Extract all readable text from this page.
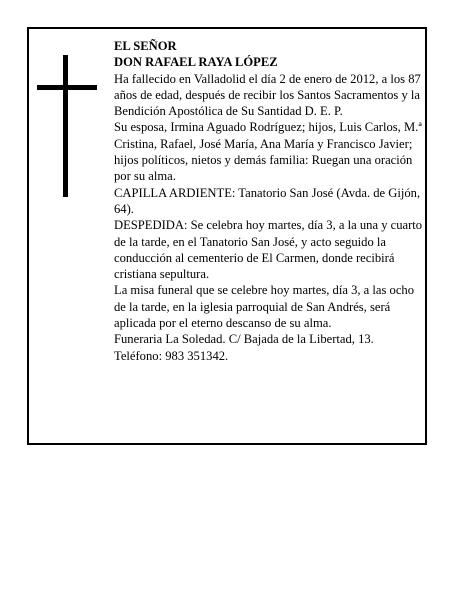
EL SEÑOR

DON RAFAEL RAYA LÓPEZ

Ha fallecido en Valladolid el día 2 de enero de 2012, a los 87 años de edad, después de recibir los Santos Sacramentos y la Bendición Apostólica de Su Santidad D. E. P.

Su esposa, Irmina Aguado Rodríguez; hijos, Luis Carlos, M.ª Cristina, Rafael, José María, Ana María y Francisco Javier; hijos políticos, nietos y demás familia: Ruegan una oración por su alma.

CAPILLA ARDIENTE: Tanatorio San José (Avda. de Gijón, 64).

DESPEDIDA: Se celebra hoy martes, día 3, a la una y cuarto de la tarde, en el Tanatorio San José, y acto seguido la conducción al cementerio de El Carmen, donde recibirá cristiana sepultura.

La misa funeral que se celebre hoy martes, día 3, a las ocho de la tarde, en la iglesia parroquial de San Andrés, será aplicada por el eterno descanso de su alma.

Funeraria La Soledad. C/ Bajada de la Libertad, 13. Teléfono: 983 351342.
